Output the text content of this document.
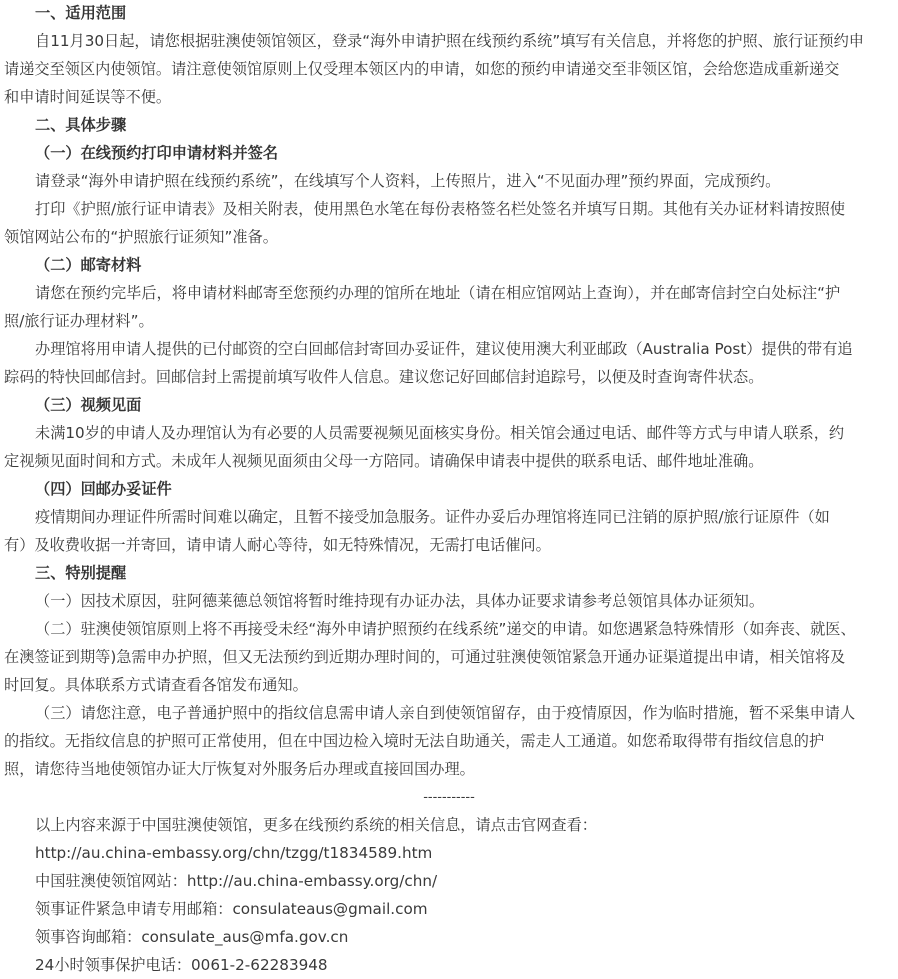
一、适用范围
自11月30日起，请您根据驻澳使领馆领区，登录“海外申请护照在线预约系统”填写有关信息，并将您的护照、旅行证预约申
请递交至领区内使领馆。请注意使领馆原则上仅受理本领区内的申请，如您的预约申请递交至非领区馆，会给您造成重新递交
和申请时间延误等不便。
二、具体步骤
（一）在线预约打印申请材料并签名
请登录“海外申请护照在线预约系统”，在线填写个人资料，上传照片，进入“不见面办理”预约界面，完成预约。
打印《护照/旅行证申请表》及相关附表，使用黑色水笔在每份表格签名栏处签名并填写日期。其他有关办证材料请按照使
领馆网站公布的“护照旅行证须知”准备。
（二）邮寄材料
请您在预约完毕后，将申请材料邮寄至您预约办理的馆所在地址（请在相应馆网站上查询），并在邮寄信封空白处标注“护
照/旅行证办理材料”。
办理馆将用申请人提供的已付邮资的空白回邮信封寄回办妥证件，建议使用澳大利亚邮政（Australia Post）提供的带有追
踪码的特快回邮信封。回邮信封上需提前填写收件人信息。建议您记好回邮信封追踪号，以便及时查询寄件状态。
（三）视频见面
未满10岁的申请人及办理馆认为有必要的人员需要视频见面核实身份。相关馆会通过电话、邮件等方式与申请人联系，约
定视频见面时间和方式。未成年人视频见面须由父母一方陪同。请确保申请表中提供的联系电话、邮件地址准确。
（四）回邮办妥证件
疫情期间办理证件所需时间难以确定，且暂不接受加急服务。证件办妥后办理馆将连同已注销的原护照/旅行证原件（如
有）及收费收据一并寄回，请申请人耐心等待，如无特殊情况，无需打电话催问。
三、特别提醒
（一）因技术原因，驻阿德莱德总领馆将暂时维持现有办证办法，具体办证要求请参考总领馆具体办证须知。
（二）驻澳使领馆原则上将不再接受未经“海外申请护照预约在线系统”递交的申请。如您遇紧急特殊情形（如奔丧、就医、
在澳签证到期等)急需申办护照，但又无法预约到近期办理时间的，可通过驻澳使领馆紧急开通办证渠道提出申请，相关馆将及
时回复。具体联系方式请查看各馆发布通知。
（三）请您注意，电子普通护照中的指纹信息需申请人亲自到使领馆留存，由于疫情原因，作为临时措施，暂不采集申请人
的指纹。无指纹信息的护照可正常使用，但在中国边检入境时无法自助通关，需走人工通道。如您希取得带有指纹信息的护
照，请您待当地使领馆办证大厅恢复对外服务后办理或直接回国办理。
-----------
以上内容来源于中国驻澳使领馆，更多在线预约系统的相关信息，请点击官网查看：
http://au.china-embassy.org/chn/tzgg/t1834589.htm
中国驻澳使领馆网站：http://au.china-embassy.org/chn/
领事证件紧急申请专用邮箱：consulateaus@gmail.com
领事咨询邮箱：consulate_aus@mfa.gov.cn
24小时领事保护电话：0061-2-62283948
